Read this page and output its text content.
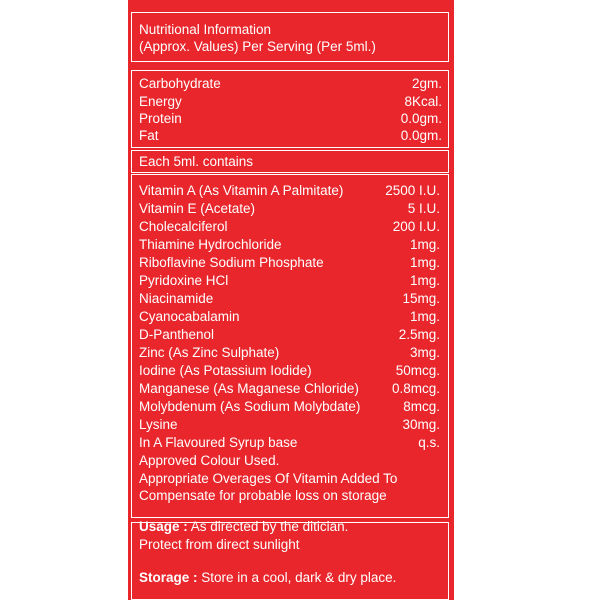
Nutritional Information
(Approx. Values) Per Serving (Per 5ml.)
Carbohydrate	2gm.
Energy	8Kcal.
Protein	0.0gm.
Fat	0.0gm.
Each 5ml. contains
Vitamin A (As Vitamin A Palmitate)	2500 I.U.
Vitamin E (Acetate)	5 I.U.
Cholecalciferol	200 I.U.
Thiamine Hydrochloride	1mg.
Riboflavine Sodium Phosphate	1mg.
Pyridoxine HCl	1mg.
Niacinamide	15mg.
Cyanocabalamin	1mg.
D-Panthenol	2.5mg.
Zinc (As Zinc Sulphate)	3mg.
Iodine (As Potassium Iodide)	50mcg.
Manganese (As Maganese Chloride) 0.8mcg.
Molybdenum (As Sodium Molybdate)	8mcg.
Lysine	30mg.
In A Flavoured Syrup base	q.s.
Approved Colour Used.
Appropriate Overages Of Vitamin Added To
Compensate for probable loss on storage
Usage : As directed by the ditician.
Protect from direct sunlight
Storage : Store in a cool, dark & dry place.
